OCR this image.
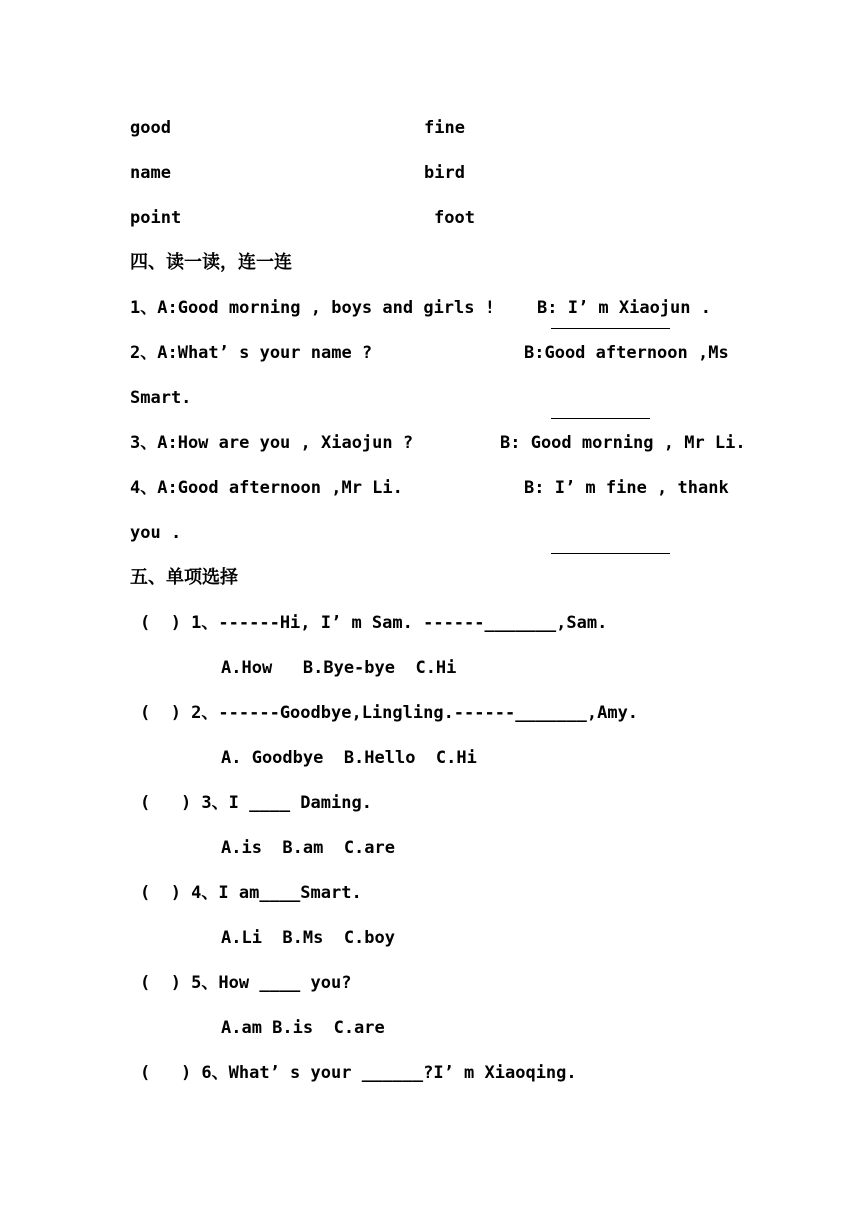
good	fine
name	bird
point	foot
四、读一读，连一连
1、A:Good morning , boys and girls ! B: I’ m Xiaojun .
2、A:What’ s your name ?	B:Good afternoon ,Ms
Smart.
3、A:How are you , Xiaojun ?	B: Good morning , Mr Li.
4、A:Good afternoon ,Mr Li.	B: I’ m fine , thank
you .
五、单项选择
(  ) 1、------Hi, I’ m Sam. ------_______,Sam.
A.How   B.Bye-bye  C.Hi
(  ) 2、------Goodbye,Lingling.------_______,Amy.
A. Goodbye  B.Hello  C.Hi
(   ) 3、I ____ Daming.
A.is  B.am  C.are
(  ) 4、I am____Smart.
A.Li  B.Ms  C.boy
(  ) 5、How ____ you?
A.am B.is  C.are
(   ) 6、What’ s your ______?I’ m Xiaoqing.
